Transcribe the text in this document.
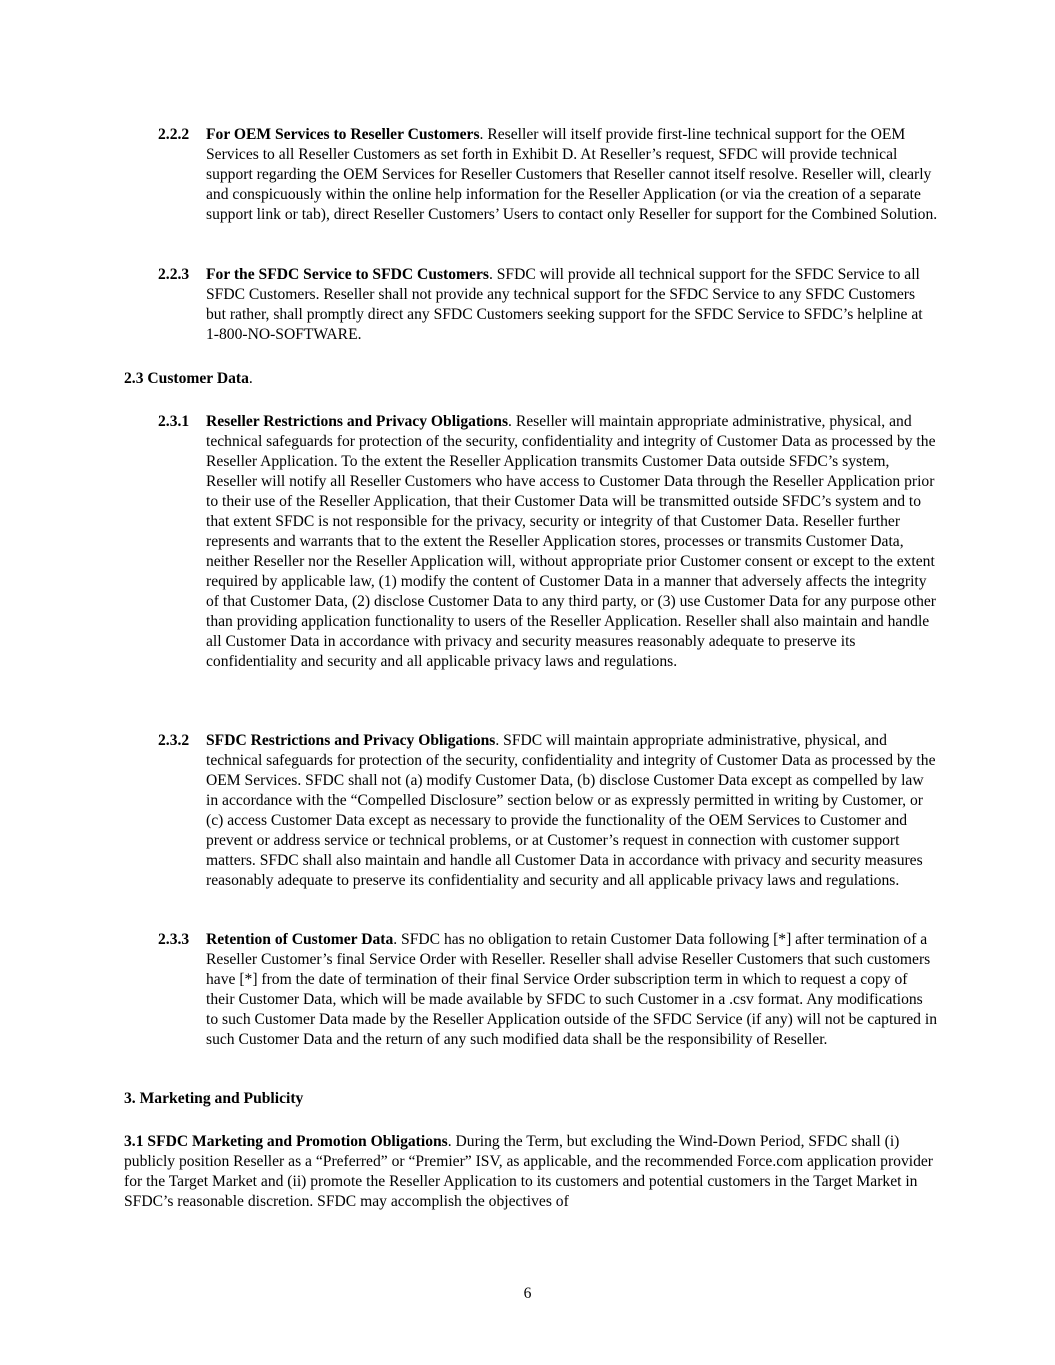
2.2.2 For OEM Services to Reseller Customers. Reseller will itself provide first-line technical support for the OEM Services to all Reseller Customers as set forth in Exhibit D. At Reseller’s request, SFDC will provide technical support regarding the OEM Services for Reseller Customers that Reseller cannot itself resolve. Reseller will, clearly and conspicuously within the online help information for the Reseller Application (or via the creation of a separate support link or tab), direct Reseller Customers’ Users to contact only Reseller for support for the Combined Solution.
2.2.3 For the SFDC Service to SFDC Customers. SFDC will provide all technical support for the SFDC Service to all SFDC Customers. Reseller shall not provide any technical support for the SFDC Service to any SFDC Customers but rather, shall promptly direct any SFDC Customers seeking support for the SFDC Service to SFDC’s helpline at 1-800-NO-SOFTWARE.
2.3 Customer Data.
2.3.1 Reseller Restrictions and Privacy Obligations. Reseller will maintain appropriate administrative, physical, and technical safeguards for protection of the security, confidentiality and integrity of Customer Data as processed by the Reseller Application. To the extent the Reseller Application transmits Customer Data outside SFDC’s system, Reseller will notify all Reseller Customers who have access to Customer Data through the Reseller Application prior to their use of the Reseller Application, that their Customer Data will be transmitted outside SFDC’s system and to that extent SFDC is not responsible for the privacy, security or integrity of that Customer Data. Reseller further represents and warrants that to the extent the Reseller Application stores, processes or transmits Customer Data, neither Reseller nor the Reseller Application will, without appropriate prior Customer consent or except to the extent required by applicable law, (1) modify the content of Customer Data in a manner that adversely affects the integrity of that Customer Data, (2) disclose Customer Data to any third party, or (3) use Customer Data for any purpose other than providing application functionality to users of the Reseller Application. Reseller shall also maintain and handle all Customer Data in accordance with privacy and security measures reasonably adequate to preserve its confidentiality and security and all applicable privacy laws and regulations.
2.3.2 SFDC Restrictions and Privacy Obligations. SFDC will maintain appropriate administrative, physical, and technical safeguards for protection of the security, confidentiality and integrity of Customer Data as processed by the OEM Services. SFDC shall not (a) modify Customer Data, (b) disclose Customer Data except as compelled by law in accordance with the “Compelled Disclosure” section below or as expressly permitted in writing by Customer, or (c) access Customer Data except as necessary to provide the functionality of the OEM Services to Customer and prevent or address service or technical problems, or at Customer’s request in connection with customer support matters. SFDC shall also maintain and handle all Customer Data in accordance with privacy and security measures reasonably adequate to preserve its confidentiality and security and all applicable privacy laws and regulations.
2.3.3 Retention of Customer Data. SFDC has no obligation to retain Customer Data following [*] after termination of a Reseller Customer’s final Service Order with Reseller. Reseller shall advise Reseller Customers that such customers have [*] from the date of termination of their final Service Order subscription term in which to request a copy of their Customer Data, which will be made available by SFDC to such Customer in a .csv format. Any modifications to such Customer Data made by the Reseller Application outside of the SFDC Service (if any) will not be captured in such Customer Data and the return of any such modified data shall be the responsibility of Reseller.
3. Marketing and Publicity
3.1 SFDC Marketing and Promotion Obligations. During the Term, but excluding the Wind-Down Period, SFDC shall (i) publicly position Reseller as a “Preferred” or “Premier” ISV, as applicable, and the recommended Force.com application provider for the Target Market and (ii) promote the Reseller Application to its customers and potential customers in the Target Market in SFDC’s reasonable discretion. SFDC may accomplish the objectives of
6
